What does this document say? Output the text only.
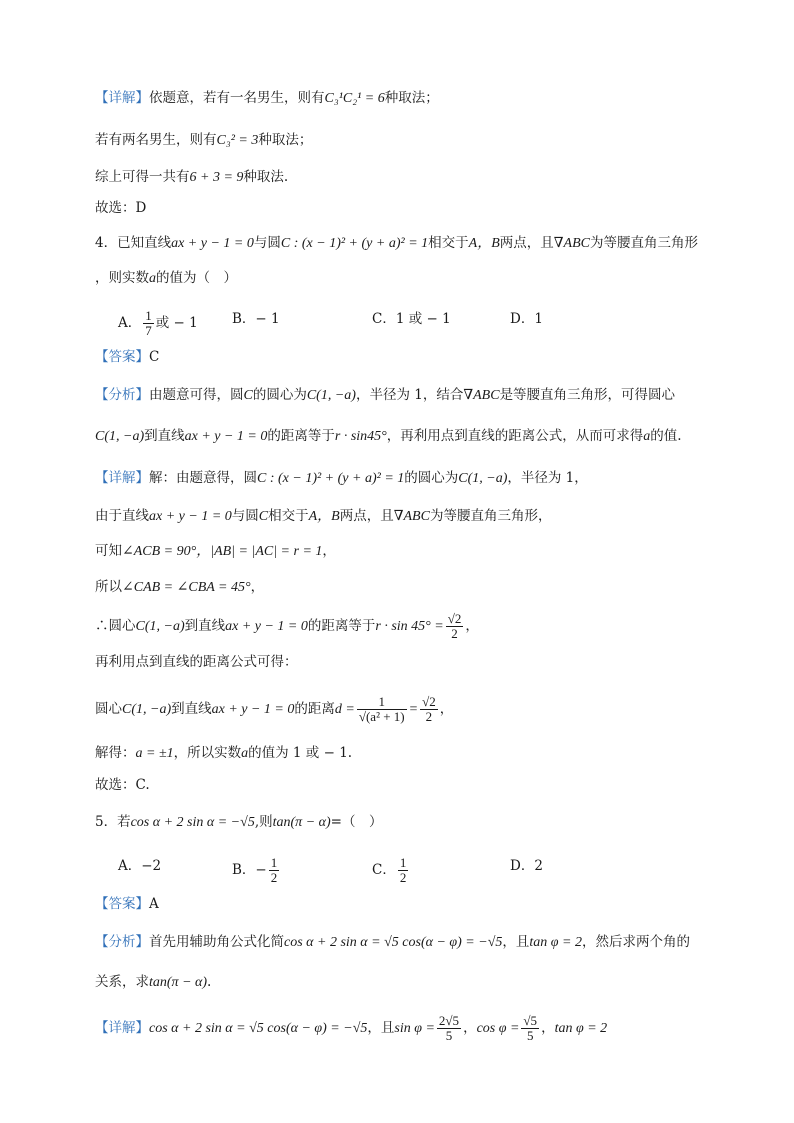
【详解】依题意，若有一名男生，则有C₃¹C₂¹ = 6种取法；
若有两名男生，则有C₃² = 3种取法；
综上可得一共有6 + 3 = 9种取法.
故选：D
4．已知直线ax + y − 1 = 0与圆C : (x − 1)² + (y + a)² = 1相交于A，B两点，且∇ABC为等腰直角三角形
，则实数a的值为（　）
A． $\frac{1}{7}$ 或 − 1	B．− 1	C．1 或 − 1	D．1
【答案】C
【分析】由题意可得，圆C的圆心为C(1, −a)，半径为 1，结合∇ABC是等腰直角三角形，可得圆心
C(1, −a)到直线ax + y − 1 = 0的距离等于r · sin45°，再利用点到直线的距离公式，从而可求得a的值.
【详解】解：由题意得，圆C : (x − 1)² + (y + a)² = 1的圆心为C(1, −a)，半径为 1，
由于直线ax + y − 1 = 0与圆C相交于A，B两点，且∇ABC为等腰直角三角形，
可知∠ACB = 90°，|AB| = |AC| = r = 1，
所以∠CAB = ∠CBA = 45°，
∴圆心C(1, −a)到直线ax + y − 1 = 0的距离等于$r \cdot \sin 45^\circ = \frac{√2}{2}$ ，
再利用点到直线的距离公式可得：
圆心C(1, −a)到直线ax + y − 1 = 0的距离$d = \frac{1}{\text{√(a² + 1)}} = \frac{√2}{2}$ ，
解得：a = ±1，所以实数a的值为 1 或 − 1.
故选：C.
5．若cos α + 2 sin α = −√5,则tan(π − α)=（　）
A．−2	B．− $\frac{1}{2}$	C． $\frac{1}{2}$	D．2
【答案】A
【分析】首先用辅助角公式化简cos α + 2 sin α = √5 cos(α − φ) = −√5，且tan φ = 2，然后求两个角的
关系，求tan(π − α).
【详解】cos α + 2 sin α = √5 cos(α − φ) = −√5，且$\sin \varphi = \frac{2√5}{5}$ ，$\cos \varphi = \frac{√5}{5}$ ，tan φ = 2
